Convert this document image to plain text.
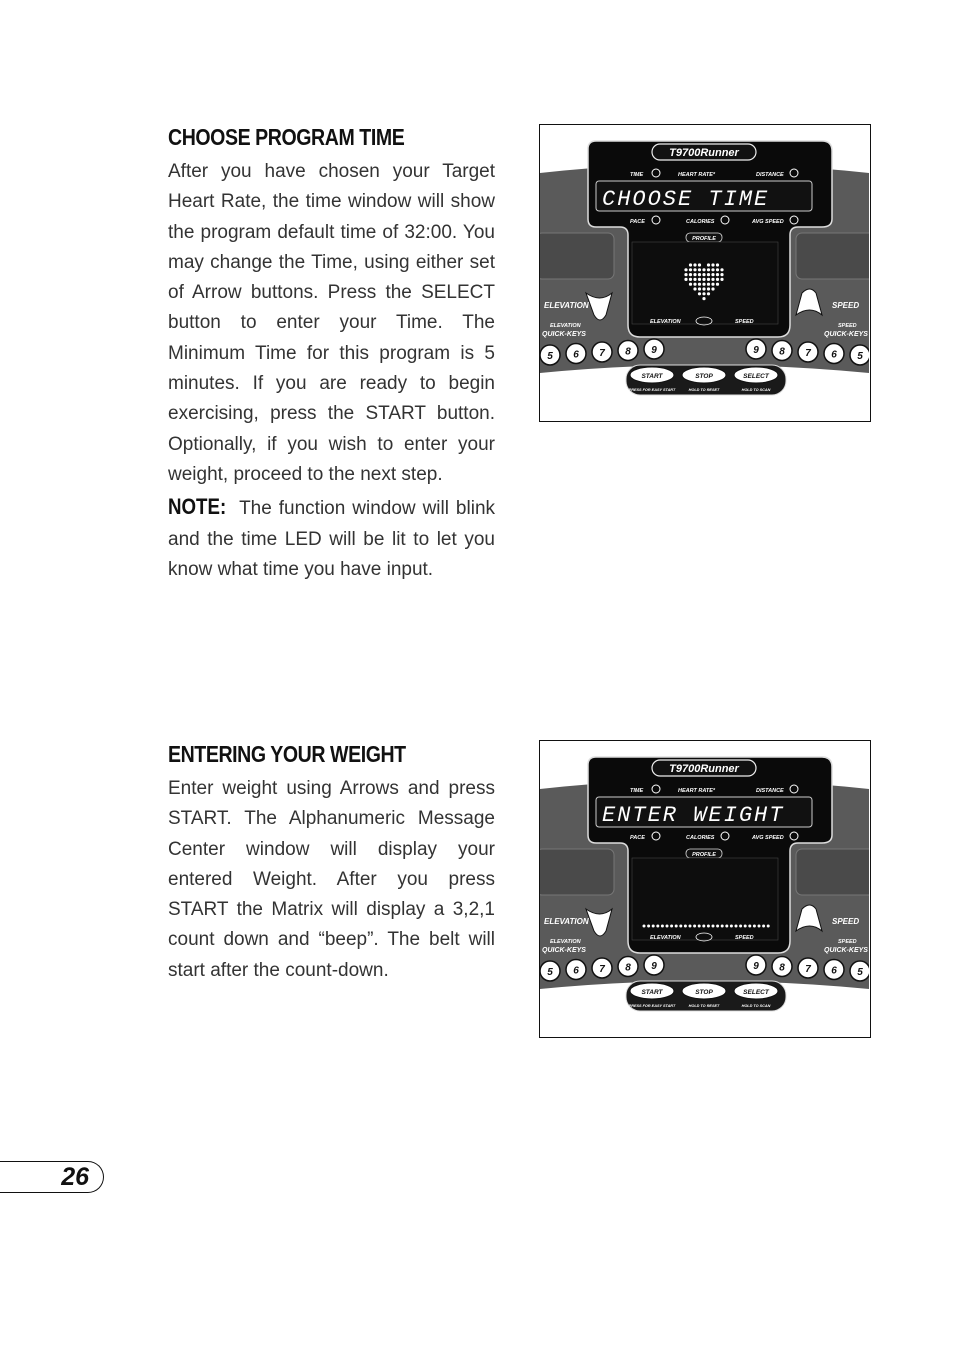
CHOOSE PROGRAM TIME

After you have chosen your Target Heart Rate, the time window will show the program default time of 32:00. You may change the Time, using either set of Arrow buttons. Press the SELECT button to enter your Time. The Minimum Time for this program is 5 minutes. If you are ready to begin exercising, press the START button. Optionally, if you wish to enter your weight, proceed to the next step.

NOTE: The function window will blink and the time LED will be lit to let you know what time you have input.

T9700Runner
TIME	HEART RATE*	DISTANCE
PACE	CALORIES	AVG SPEED
CHOOSE TIME
PROFILE
ELEVATION	SPEED
ELEVATION	SPEED
ELEVATION
QUICK-KEYS
SPEED
QUICK-KEYS
5 6 7 8 9	9 8 7 6 5
START
PRESS FOR EASY START
STOP
HOLD TO RESET
SELECT
HOLD TO SCAN
ENTERING YOUR WEIGHT

Enter weight using Arrows and press START. The Alphanumeric Message Center window will display your entered Weight. After you press START the Matrix will display a 3,2,1 count down and “beep”. The belt will start after the count-down.

T9700Runner
TIME	HEART RATE*	DISTANCE
PACE	CALORIES	AVG SPEED
ENTER WEIGHT
PROFILE
ELEVATION	SPEED
ELEVATION	SPEED
ELEVATION
QUICK-KEYS
SPEED
QUICK-KEYS
5 6 7 8 9	9 8 7 6 5
START
PRESS FOR EASY START
STOP
HOLD TO RESET
SELECT
HOLD TO SCAN
26
